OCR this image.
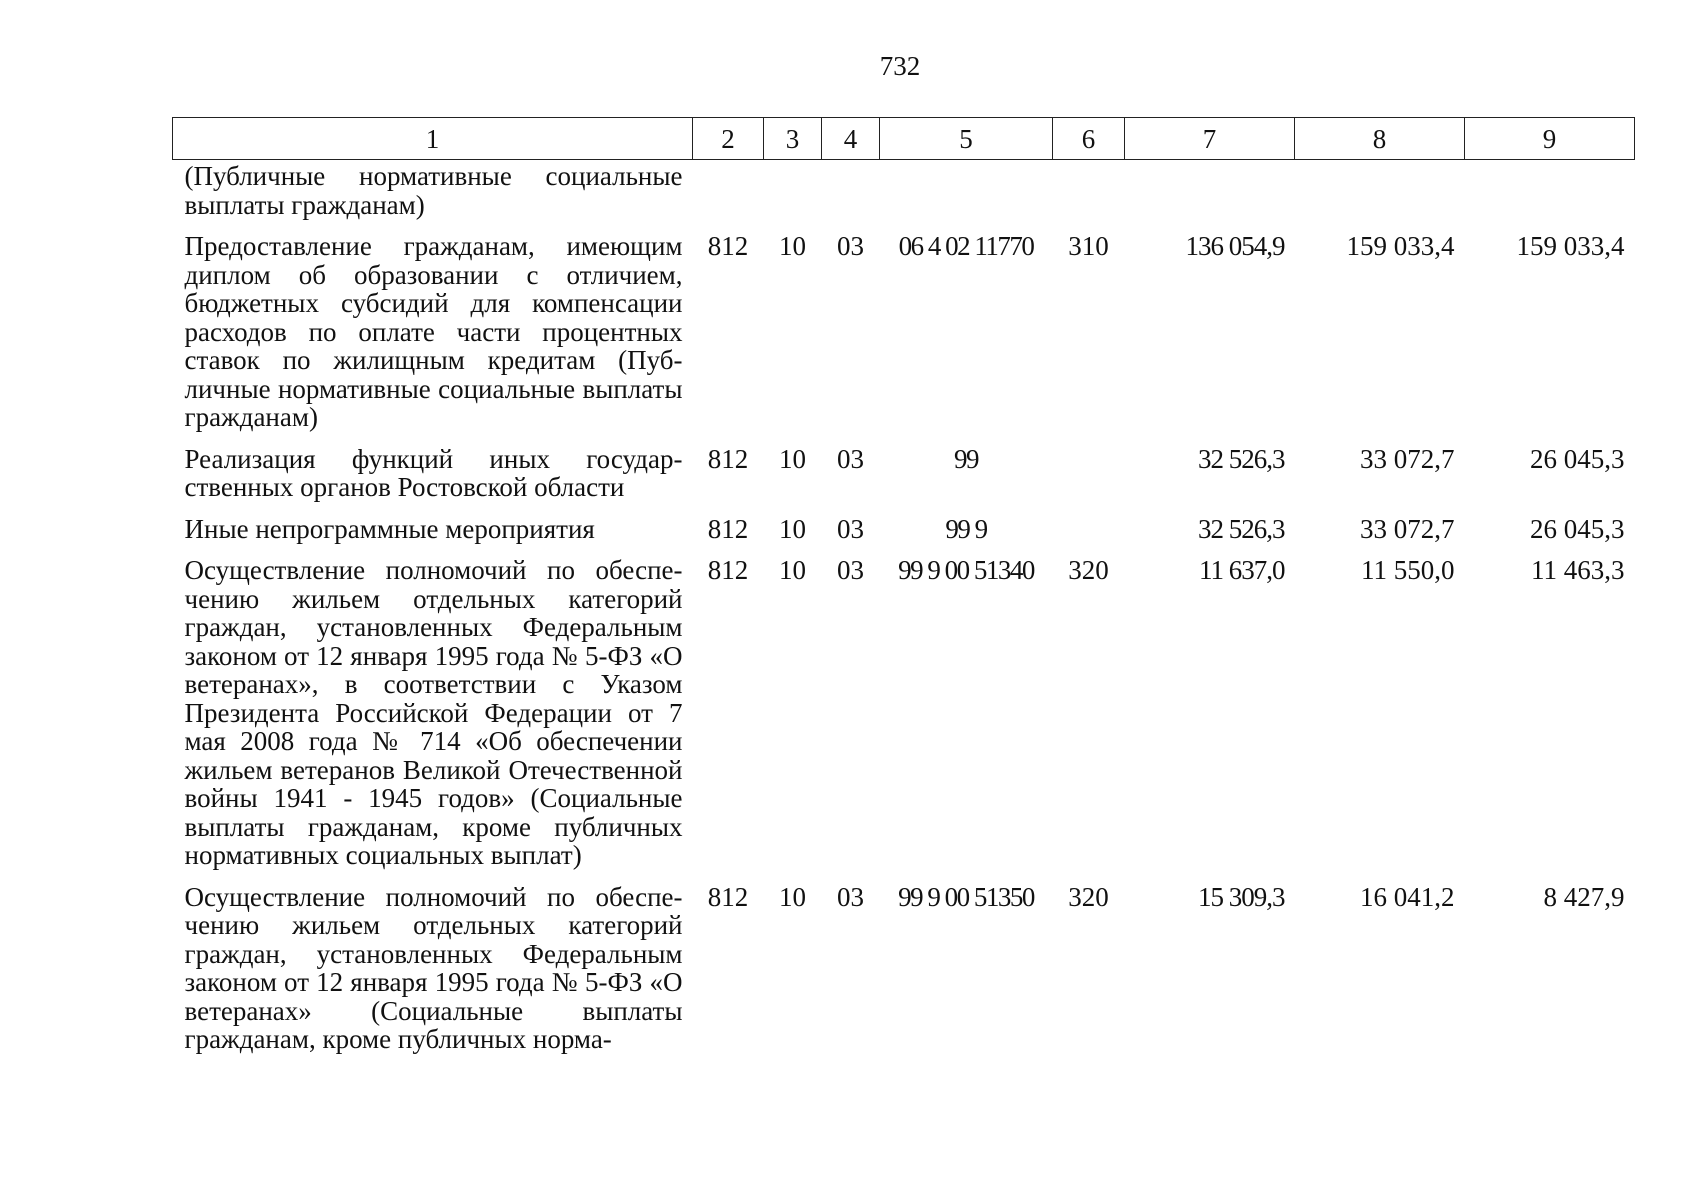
732
1	2	3	4	5	6	7	8	9
(Публичные нормативные социальные выплаты гражданам)								
Предоставление гражданам, имеющим диплом об образовании с отличием, бюджетных субсидий для компенсации расходов по оплате части процентных ставок по жилищным кредитам (Публичные нормативные социальные выплаты гражданам)	812	10	03	06 4 02 11770	310	136 054,9	159 033,4	159 033,4
Реализация функций иных государственных органов Ростовской области	812	10	03	99		32 526,3	33 072,7	26 045,3
Иные непрограммные мероприятия	812	10	03	99 9		32 526,3	33 072,7	26 045,3
Осуществление полномочий по обеспечению жильем отдельных категорий граждан, установленных Федеральным законом от 12 января 1995 года № 5-ФЗ «О ветеранах», в соответствии с Указом Президента Российской Федерации от 7 мая 2008 года № 714 «Об обеспечении жильем ветеранов Великой Отечественной войны 1941 - 1945 годов» (Социальные выплаты гражданам, кроме публичных нормативных социальных выплат)	812	10	03	99 9 00 51340	320	11 637,0	11 550,0	11 463,3
Осуществление полномочий по обеспечению жильем отдельных категорий граждан, установленных Федеральным законом от 12 января 1995 года № 5-ФЗ «О ветеранах» (Социальные выплаты гражданам, кроме публичных норма-	812	10	03	99 9 00 51350	320	15 309,3	16 041,2	8 427,9
